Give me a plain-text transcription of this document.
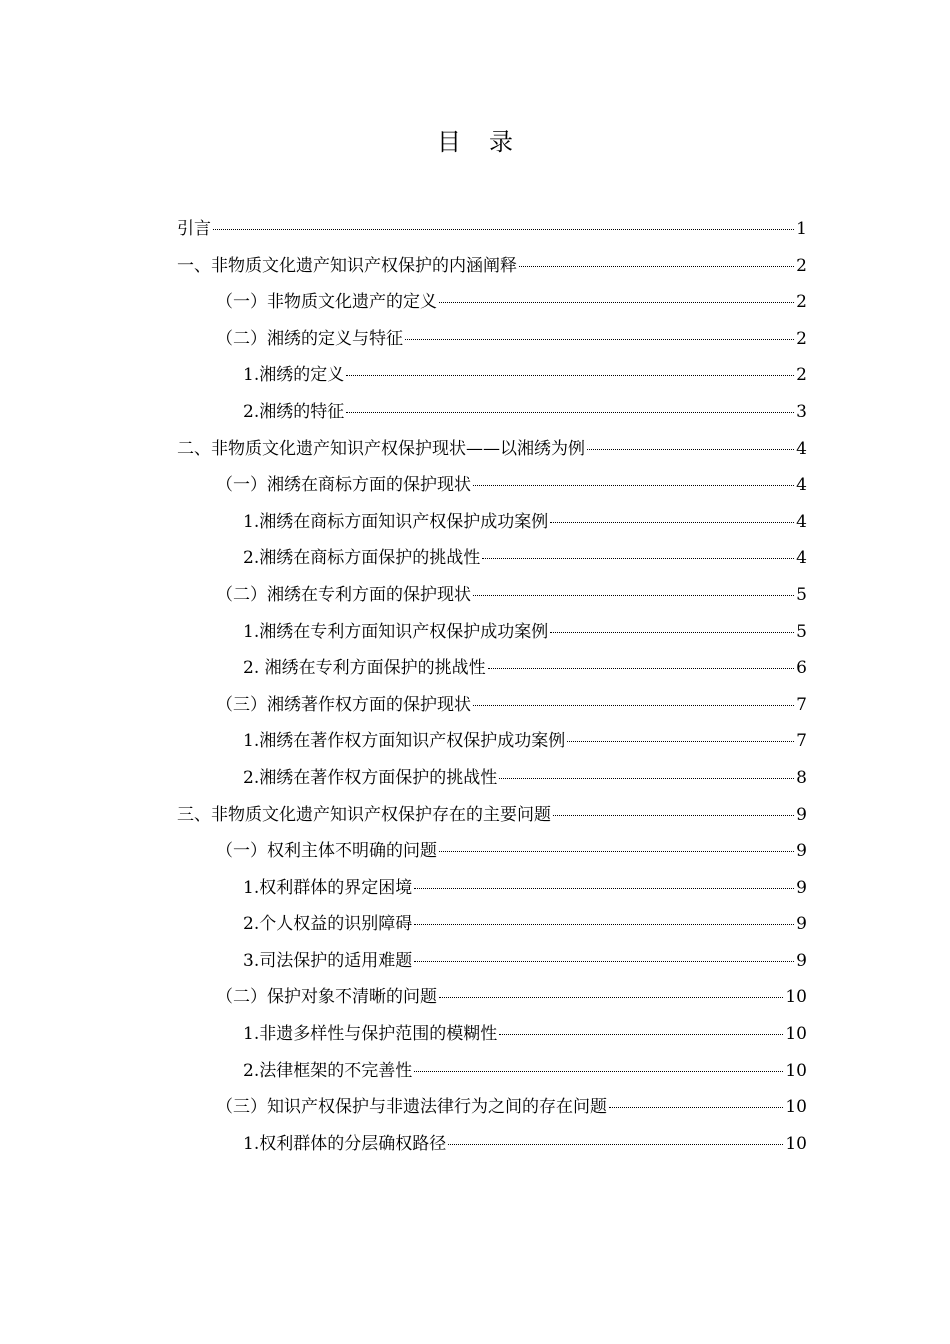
目录
引言	1
一、非物质文化遗产知识产权保护的内涵阐释	2
（一）非物质文化遗产的定义	2
（二）湘绣的定义与特征	2
1.湘绣的定义	2
2.湘绣的特征	3
二、非物质文化遗产知识产权保护现状——以湘绣为例	4
（一）湘绣在商标方面的保护现状	4
1.湘绣在商标方面知识产权保护成功案例	4
2.湘绣在商标方面保护的挑战性	4
（二）湘绣在专利方面的保护现状	5
1.湘绣在专利方面知识产权保护成功案例	5
2. 湘绣在专利方面保护的挑战性	6
（三）湘绣著作权方面的保护现状	7
1.湘绣在著作权方面知识产权保护成功案例	7
2.湘绣在著作权方面保护的挑战性	8
三、非物质文化遗产知识产权保护存在的主要问题	9
（一）权利主体不明确的问题	9
1.权利群体的界定困境	9
2.个人权益的识别障碍	9
3.司法保护的适用难题	9
（二）保护对象不清晰的问题	10
1.非遗多样性与保护范围的模糊性	10
2.法律框架的不完善性	10
（三）知识产权保护与非遗法律行为之间的存在问题	10
1.权利群体的分层确权路径	10
